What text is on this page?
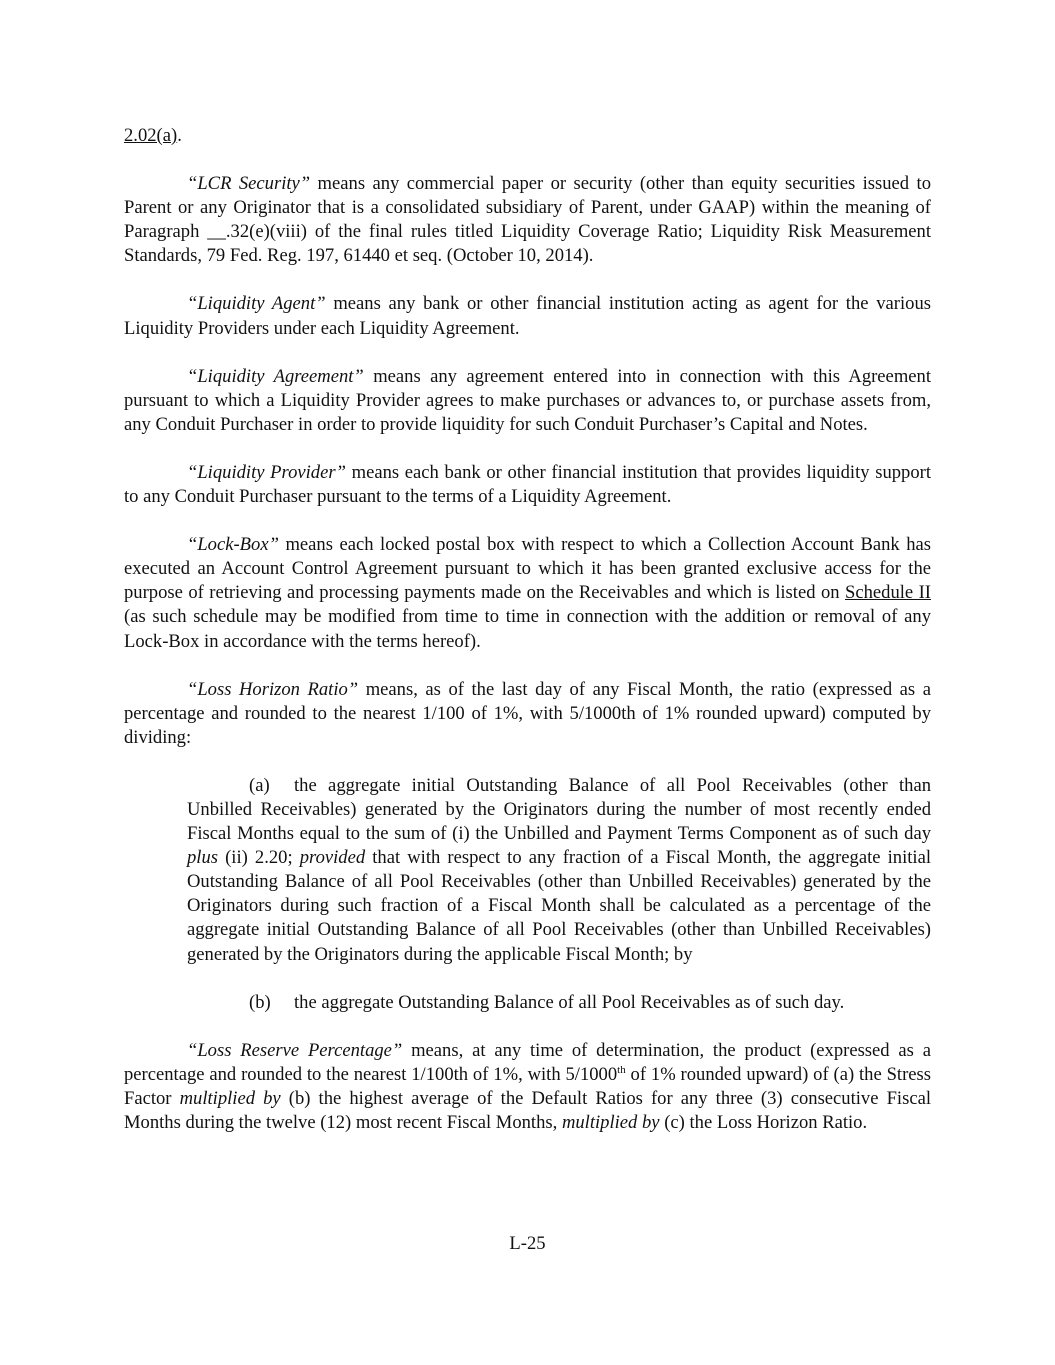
2.02(a).

“LCR Security” means any commercial paper or security (other than equity securities issued to Parent or any Originator that is a consolidated subsidiary of Parent, under GAAP) within the meaning of Paragraph __.32(e)(viii) of the final rules titled Liquidity Coverage Ratio; Liquidity Risk Measurement Standards, 79 Fed. Reg. 197, 61440 et seq. (October 10, 2014).

“Liquidity Agent” means any bank or other financial institution acting as agent for the various Liquidity Providers under each Liquidity Agreement.

“Liquidity Agreement” means any agreement entered into in connection with this Agreement pursuant to which a Liquidity Provider agrees to make purchases or advances to, or purchase assets from, any Conduit Purchaser in order to provide liquidity for such Conduit Purchaser’s Capital and Notes.

“Liquidity Provider” means each bank or other financial institution that provides liquidity support to any Conduit Purchaser pursuant to the terms of a Liquidity Agreement.

“Lock-Box” means each locked postal box with respect to which a Collection Account Bank has executed an Account Control Agreement pursuant to which it has been granted exclusive access for the purpose of retrieving and processing payments made on the Receivables and which is listed on Schedule II (as such schedule may be modified from time to time in connection with the addition or removal of any Lock-Box in accordance with the terms hereof).

“Loss Horizon Ratio” means, as of the last day of any Fiscal Month, the ratio (expressed as a percentage and rounded to the nearest 1/100 of 1%, with 5/1000th of 1% rounded upward) computed by dividing:

(a) the aggregate initial Outstanding Balance of all Pool Receivables (other than Unbilled Receivables) generated by the Originators during the number of most recently ended Fiscal Months equal to the sum of (i) the Unbilled and Payment Terms Component as of such day plus (ii) 2.20; provided that with respect to any fraction of a Fiscal Month, the aggregate initial Outstanding Balance of all Pool Receivables (other than Unbilled Receivables) generated by the Originators during such fraction of a Fiscal Month shall be calculated as a percentage of the aggregate initial Outstanding Balance of all Pool Receivables (other than Unbilled Receivables) generated by the Originators during the applicable Fiscal Month; by

(b) the aggregate Outstanding Balance of all Pool Receivables as of such day.

“Loss Reserve Percentage” means, at any time of determination, the product (expressed as a percentage and rounded to the nearest 1/100th of 1%, with 5/1000th of 1% rounded upward) of (a) the Stress Factor multiplied by (b) the highest average of the Default Ratios for any three (3) consecutive Fiscal Months during the twelve (12) most recent Fiscal Months, multiplied by (c) the Loss Horizon Ratio.

L-25
